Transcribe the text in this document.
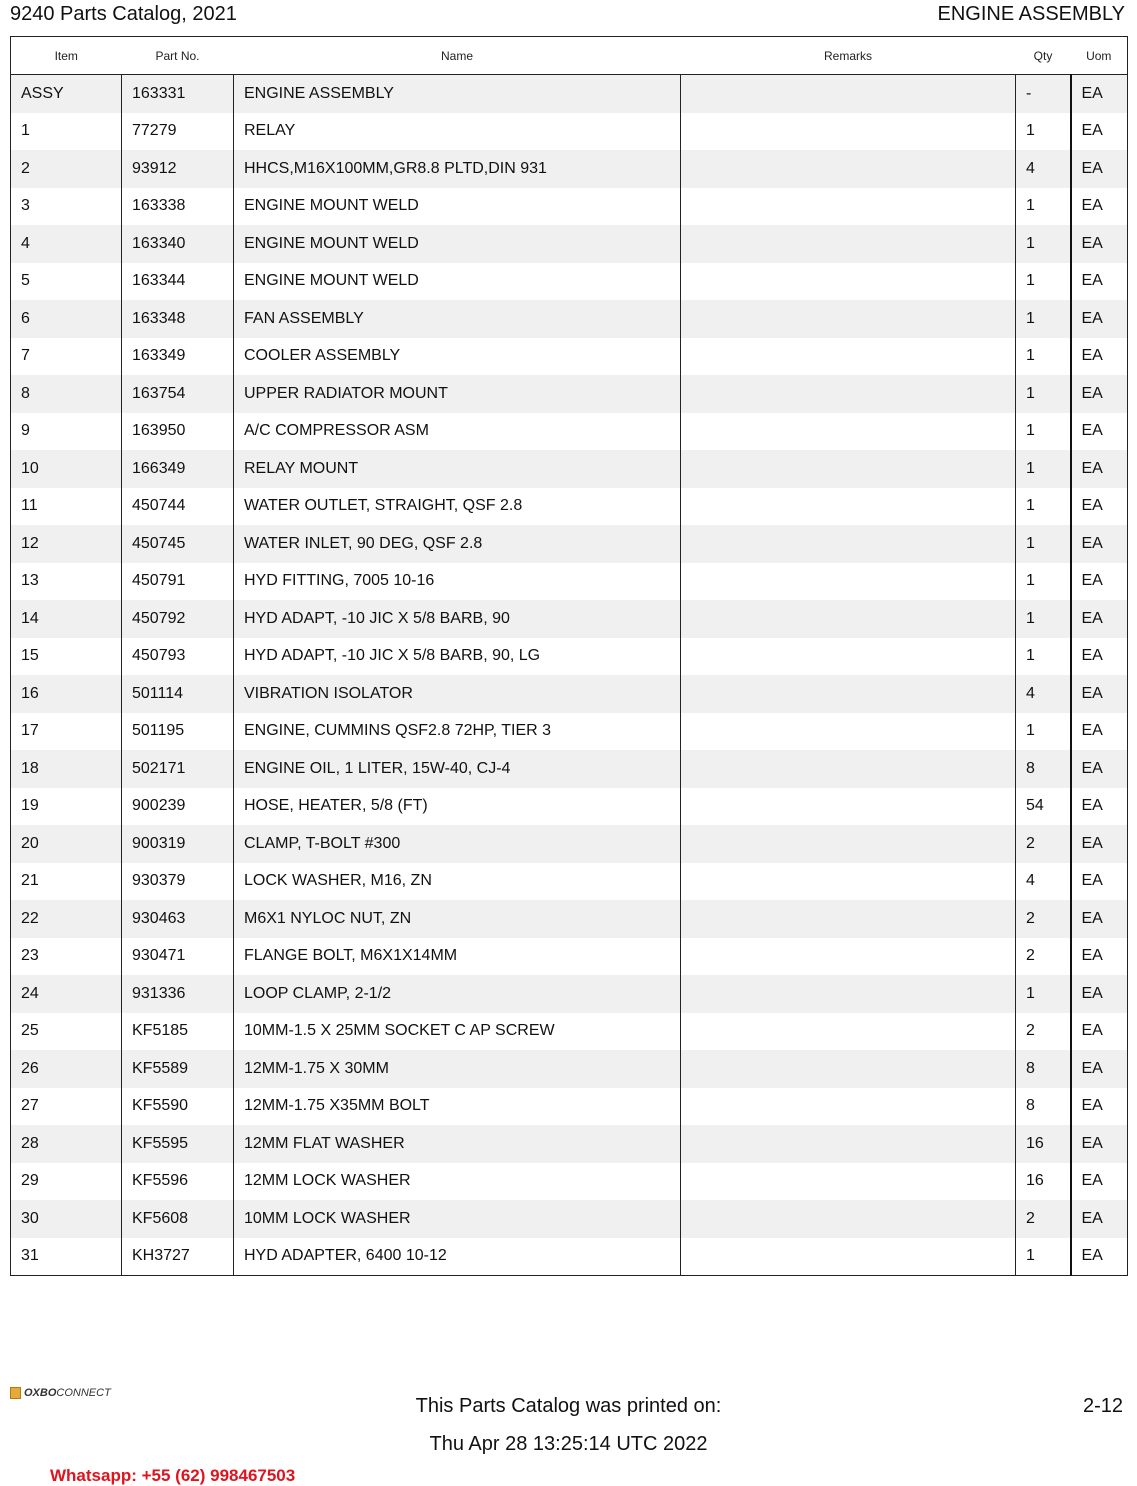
9240 Parts Catalog, 2021	ENGINE ASSEMBLY
Item	Part No.	Name	Remarks	Qty	Uom
ASSY	163331	ENGINE ASSEMBLY		-	EA
1	77279	RELAY		1	EA
2	93912	HHCS,M16X100MM,GR8.8 PLTD,DIN 931		4	EA
3	163338	ENGINE MOUNT WELD		1	EA
4	163340	ENGINE MOUNT WELD		1	EA
5	163344	ENGINE MOUNT WELD		1	EA
6	163348	FAN ASSEMBLY		1	EA
7	163349	COOLER ASSEMBLY		1	EA
8	163754	UPPER RADIATOR MOUNT		1	EA
9	163950	A/C COMPRESSOR ASM		1	EA
10	166349	RELAY MOUNT		1	EA
11	450744	WATER OUTLET, STRAIGHT, QSF 2.8		1	EA
12	450745	WATER INLET, 90 DEG, QSF 2.8		1	EA
13	450791	HYD FITTING, 7005 10-16		1	EA
14	450792	HYD ADAPT, -10 JIC X 5/8 BARB, 90		1	EA
15	450793	HYD ADAPT, -10 JIC X 5/8 BARB, 90, LG		1	EA
16	501114	VIBRATION ISOLATOR		4	EA
17	501195	ENGINE, CUMMINS QSF2.8 72HP, TIER 3		1	EA
18	502171	ENGINE OIL, 1 LITER, 15W-40, CJ-4		8	EA
19	900239	HOSE, HEATER, 5/8 (FT)		54	EA
20	900319	CLAMP, T-BOLT #300		2	EA
21	930379	LOCK WASHER, M16, ZN		4	EA
22	930463	M6X1 NYLOC NUT, ZN		2	EA
23	930471	FLANGE BOLT, M6X1X14MM		2	EA
24	931336	LOOP CLAMP, 2-1/2		1	EA
25	KF5185	10MM-1.5 X 25MM SOCKET C AP SCREW		2	EA
26	KF5589	12MM-1.75 X 30MM		8	EA
27	KF5590	12MM-1.75 X35MM BOLT		8	EA
28	KF5595	12MM FLAT WASHER		16	EA
29	KF5596	12MM LOCK WASHER		16	EA
30	KF5608	10MM LOCK WASHER		2	EA
31	KH3727	HYD ADAPTER, 6400 10-12		1	EA
OXBO CONNECT
This Parts Catalog was printed on:
Thu Apr 28 13:25:14 UTC 2022
2-12
Whatsapp: +55 (62) 998467503
